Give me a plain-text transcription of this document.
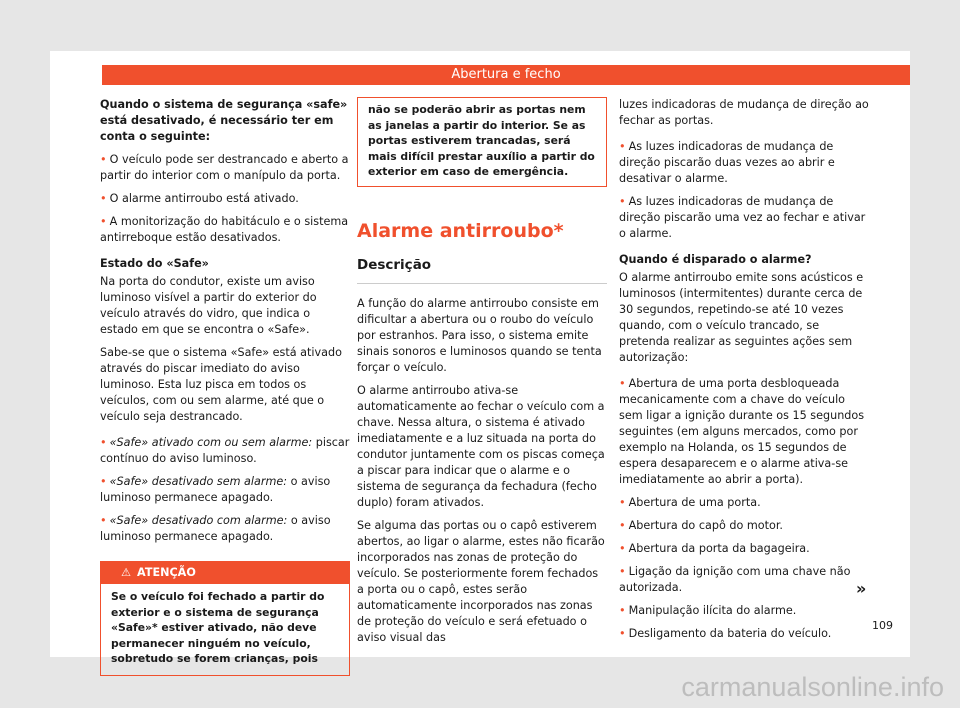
Abertura e fecho

Quando o sistema de segurança «safe» está desativado, é necessário ter em conta o seguinte:

• O veículo pode ser destrancado e aberto a partir do interior com o manípulo da porta.

• O alarme antirroubo está ativado.

• A monitorização do habitáculo e o sistema antirreboque estão desativados.

Estado do «Safe»

Na porta do condutor, existe um aviso luminoso visível a partir do exterior do veículo através do vidro, que indica o estado em que se encontra o «Safe».

Sabe-se que o sistema «Safe» está ativado através do piscar imediato do aviso luminoso. Esta luz pisca em todos os veículos, com ou sem alarme, até que o veículo seja destrancado.

• «Safe» ativado com ou sem alarme: piscar contínuo do aviso luminoso.

• «Safe» desativado sem alarme: o aviso luminoso permanece apagado.

• «Safe» desativado com alarme: o aviso luminoso permanece apagado.

⚠ ATENÇÃO
Se o veículo foi fechado a partir do exterior e o sistema de segurança «Safe»* estiver ativado, não deve permanecer ninguém no veículo, sobretudo se forem crianças, pois
não se poderão abrir as portas nem as janelas a partir do interior. Se as portas estiverem trancadas, será mais difícil prestar auxílio a partir do exterior em caso de emergência.
Alarme antirroubo*
Descrição

A função do alarme antirroubo consiste em dificultar a abertura ou o roubo do veículo por estranhos. Para isso, o sistema emite sinais sonoros e luminosos quando se tenta forçar o veículo.

O alarme antirroubo ativa-se automaticamente ao fechar o veículo com a chave. Nessa altura, o sistema é ativado imediatamente e a luz situada na porta do condutor juntamente com os piscas começa a piscar para indicar que o alarme e o sistema de segurança da fechadura (fecho duplo) foram ativados.

Se alguma das portas ou o capô estiverem abertos, ao ligar o alarme, estes não ficarão incorporados nas zonas de proteção do veículo. Se posteriormente forem fechados a porta ou o capô, estes serão automaticamente incorporados nas zonas de proteção do veículo e será efetuado o aviso visual das

luzes indicadoras de mudança de direção ao fechar as portas.

• As luzes indicadoras de mudança de direção piscarão duas vezes ao abrir e desativar o alarme.

• As luzes indicadoras de mudança de direção piscarão uma vez ao fechar e ativar o alarme.

Quando é disparado o alarme?

O alarme antirroubo emite sons acústicos e luminosos (intermitentes) durante cerca de 30 segundos, repetindo-se até 10 vezes quando, com o veículo trancado, se pretenda realizar as seguintes ações sem autorização:

• Abertura de uma porta desbloqueada mecanicamente com a chave do veículo sem ligar a ignição durante os 15 segundos seguintes (em alguns mercados, como por exemplo na Holanda, os 15 segundos de espera desaparecem e o alarme ativa-se imediatamente ao abrir a porta).

• Abertura de uma porta.

• Abertura do capô do motor.

• Abertura da porta da bagageira.

• Ligação da ignição com uma chave não autorizada.

• Manipulação ilícita do alarme.

• Desligamento da bateria do veículo.

»
109
carmanualsonline.info
